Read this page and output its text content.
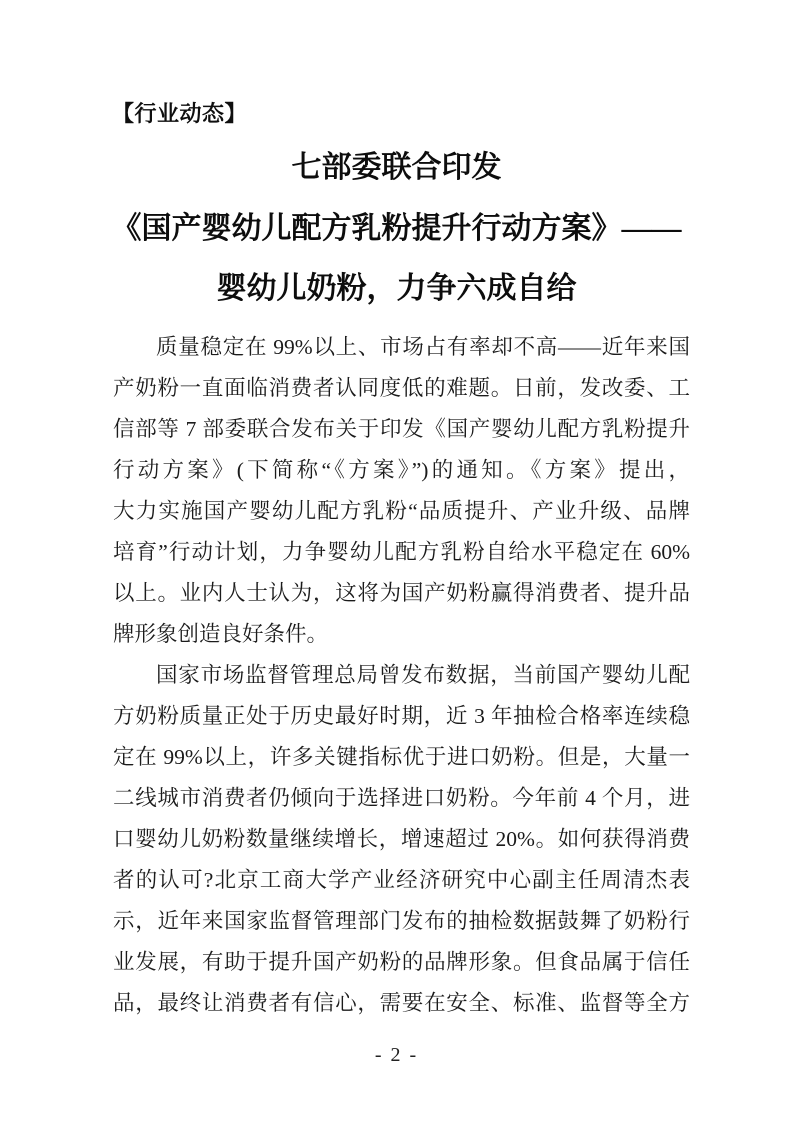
【行业动态】
七部委联合印发
《国产婴幼儿配方乳粉提升行动方案》——
婴幼儿奶粉，力争六成自给
质量稳定在 99%以上、市场占有率却不高——近年来国
产奶粉一直面临消费者认同度低的难题。日前，发改委、工
信部等 7 部委联合发布关于印发《国产婴幼儿配方乳粉提升
行动方案》(下简称“《方案》”)的通知。《方案》提出，
大力实施国产婴幼儿配方乳粉“品质提升、产业升级、品牌
培育”行动计划，力争婴幼儿配方乳粉自给水平稳定在 60%
以上。业内人士认为，这将为国产奶粉赢得消费者、提升品
牌形象创造良好条件。
国家市场监督管理总局曾发布数据，当前国产婴幼儿配
方奶粉质量正处于历史最好时期，近 3 年抽检合格率连续稳
定在 99%以上，许多关键指标优于进口奶粉。但是，大量一
二线城市消费者仍倾向于选择进口奶粉。今年前 4 个月，进
口婴幼儿奶粉数量继续增长，增速超过 20%。如何获得消费
者的认可?北京工商大学产业经济研究中心副主任周清杰表
示，近年来国家监督管理部门发布的抽检数据鼓舞了奶粉行
业发展，有助于提升国产奶粉的品牌形象。但食品属于信任
品，最终让消费者有信心，需要在安全、标准、监督等全方
- 2 -
